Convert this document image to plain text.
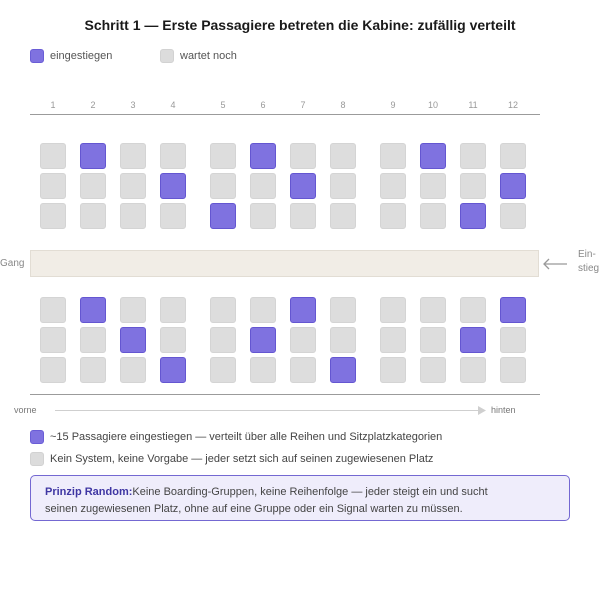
Schritt 1 — Erste Passagiere betreten die Kabine: zufällig verteilt
eingestiegen	wartet noch
1	2	3	4	5	6	7	8	9	10	11	12
Gang
Ein-
stieg
vorne	hinten
~15 Passagiere eingestiegen — verteilt über alle Reihen und Sitzplatzkategorien
Kein System, keine Vorgabe — jeder setzt sich auf seinen zugewiesenen Platz
Prinzip Random:Keine Boarding-Gruppen, keine Reihenfolge — jeder steigt ein und sucht
seinen zugewiesenen Platz, ohne auf eine Gruppe oder ein Signal warten zu müssen.
